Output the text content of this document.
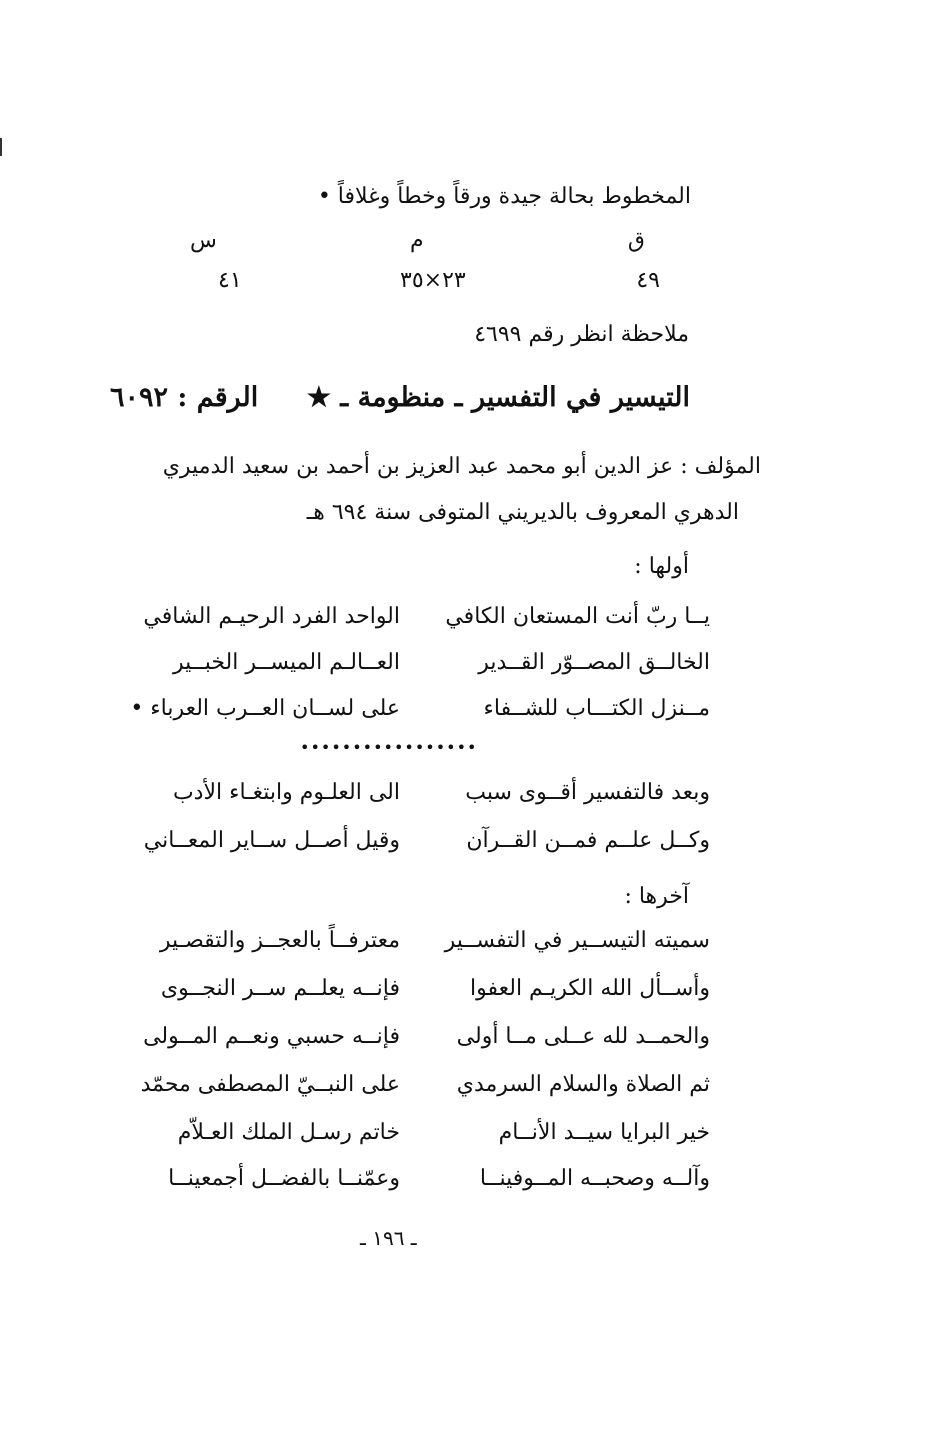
المخطوط بحالة جيدة ورقاً وخطاً وغلافاً •
ق
م
س
٤٩
٢٣×٣٥
٤١
ملاحظة انظر رقم ٤٦٩٩
التيسير في التفسير ـ منظومة ـ ★
الرقم : ٦٠٩٢
المؤلف : عز الدين أبو محمد عبد العزيز بن أحمد بن سعيد الدميري
الدهري المعروف بالديريني المتوفى سنة ٦٩٤ هـ
أولها :
يــا ربّ أنت المستعان الكافي
الواحد الفرد الرحيـم الشافي
الخالــق المصــوّر القــدير
العــالـم الميســر الخبــير
مــنزل الكتـــاب للشــفاء
على لســان العــرب العرباء •
•••••••••••••••••
وبعد فالتفسير أقــوى سبب
الى العلـوم وابتغـاء الأدب
وكــل علــم فمــن القــرآن
وقيل أصــل ســاير المعــاني
آخرها :
سميته التيســير في التفســير
معترفــاً بالعجــز والتقصـير
وأســأل الله الكريـم العفوا
فإنــه يعلــم ســر النجــوى
والحمــد لله عــلى مــا أولى
فإنــه حسبي ونعــم المــولى
ثم الصلاة والسلام السرمدي
على النبــيّ المصطفى محمّد
خير البرايا سيــد الأنــام
خاتم رسـل الملك العـلاّم
وآلــه وصحبــه المــوفينــا
وعمّنــا بالفضــل أجمعينــا
ـ ١٩٦ ـ
